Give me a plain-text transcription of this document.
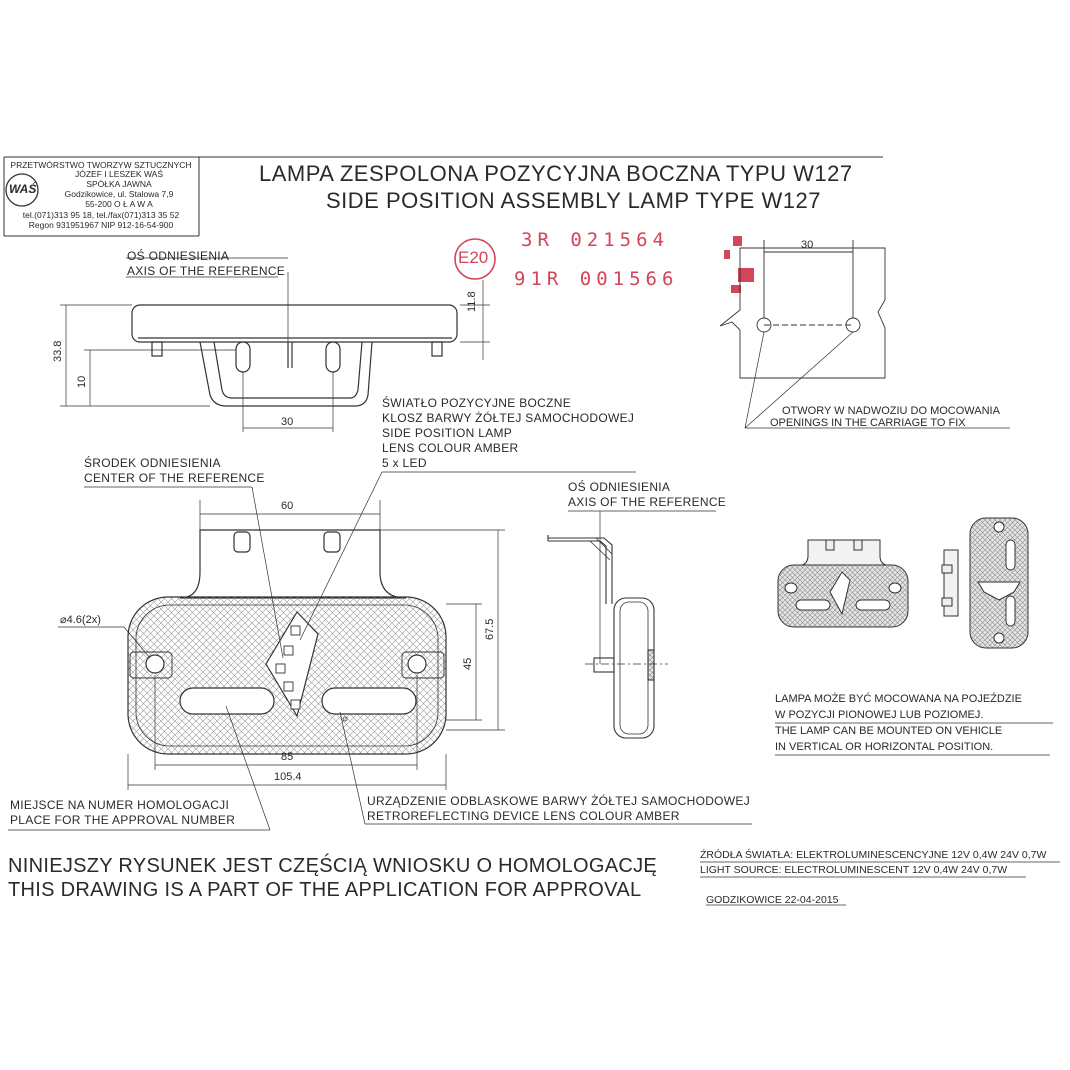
PRZETWÓRSTWO TWORZYW SZTUCZNYCH
JÓZEF I LESZEK WAŚ
SPÓŁKA JAWNA
Godzikowice, ul. Stalowa 7,9
55-200 O Ł A W A
tel.(071)313 95 18, tel./fax(071)313 35 52
Regon 931951967 NIP 912-16-54-900
WAŚ
LAMPA ZESPOLONA POZYCYJNA BOCZNA TYPU W127
SIDE POSITION ASSEMBLY LAMP TYPE W127
E20
3R 021564
91R 001566
OŚ ODNIESIENIA
AXIS OF THE REFERENCE
ŚWIATŁO POZYCYJNE BOCZNE
KLOSZ BARWY ŻÓŁTEJ SAMOCHODOWEJ
SIDE POSITION LAMP
LENS COLOUR AMBER
5 x LED
ŚRODEK ODNIESIENIA
CENTER OF THE REFERENCE
OŚ ODNIESIENIA
AXIS OF THE REFERENCE
OTWORY W NADWOZIU DO MOCOWANIA
OPENINGS IN THE CARRIAGE TO FIX
LAMPA MOŻE BYĆ MOCOWANA NA POJEŹDZIE
W POZYCJI PIONOWEJ LUB POZIOMEJ.
THE LAMP CAN BE MOUNTED ON VEHICLE
IN VERTICAL OR HORIZONTAL POSITION.
MIEJSCE NA NUMER HOMOLOGACJI
PLACE FOR THE APPROVAL NUMBER
URZĄDZENIE ODBLASKOWE BARWY ŻÓŁTEJ SAMOCHODOWEJ
RETROREFLECTING DEVICE LENS COLOUR AMBER
NINIEJSZY RYSUNEK JEST CZĘŚCIĄ WNIOSKU O HOMOLOGACJĘ
THIS DRAWING IS A PART OF THE APPLICATION FOR APPROVAL
ŹRÓDŁA ŚWIATŁA: ELEKTROLUMINESCENCYJNE 12V 0,4W 24V 0,7W
LIGHT SOURCE: ELECTROLUMINESCENT 12V 0,4W 24V 0,7W
GODZIKOWICE 22-04-2015
30
11.8
33.8
10
30
60
67.5
45
85
105.4
⌀4.6(2x)
